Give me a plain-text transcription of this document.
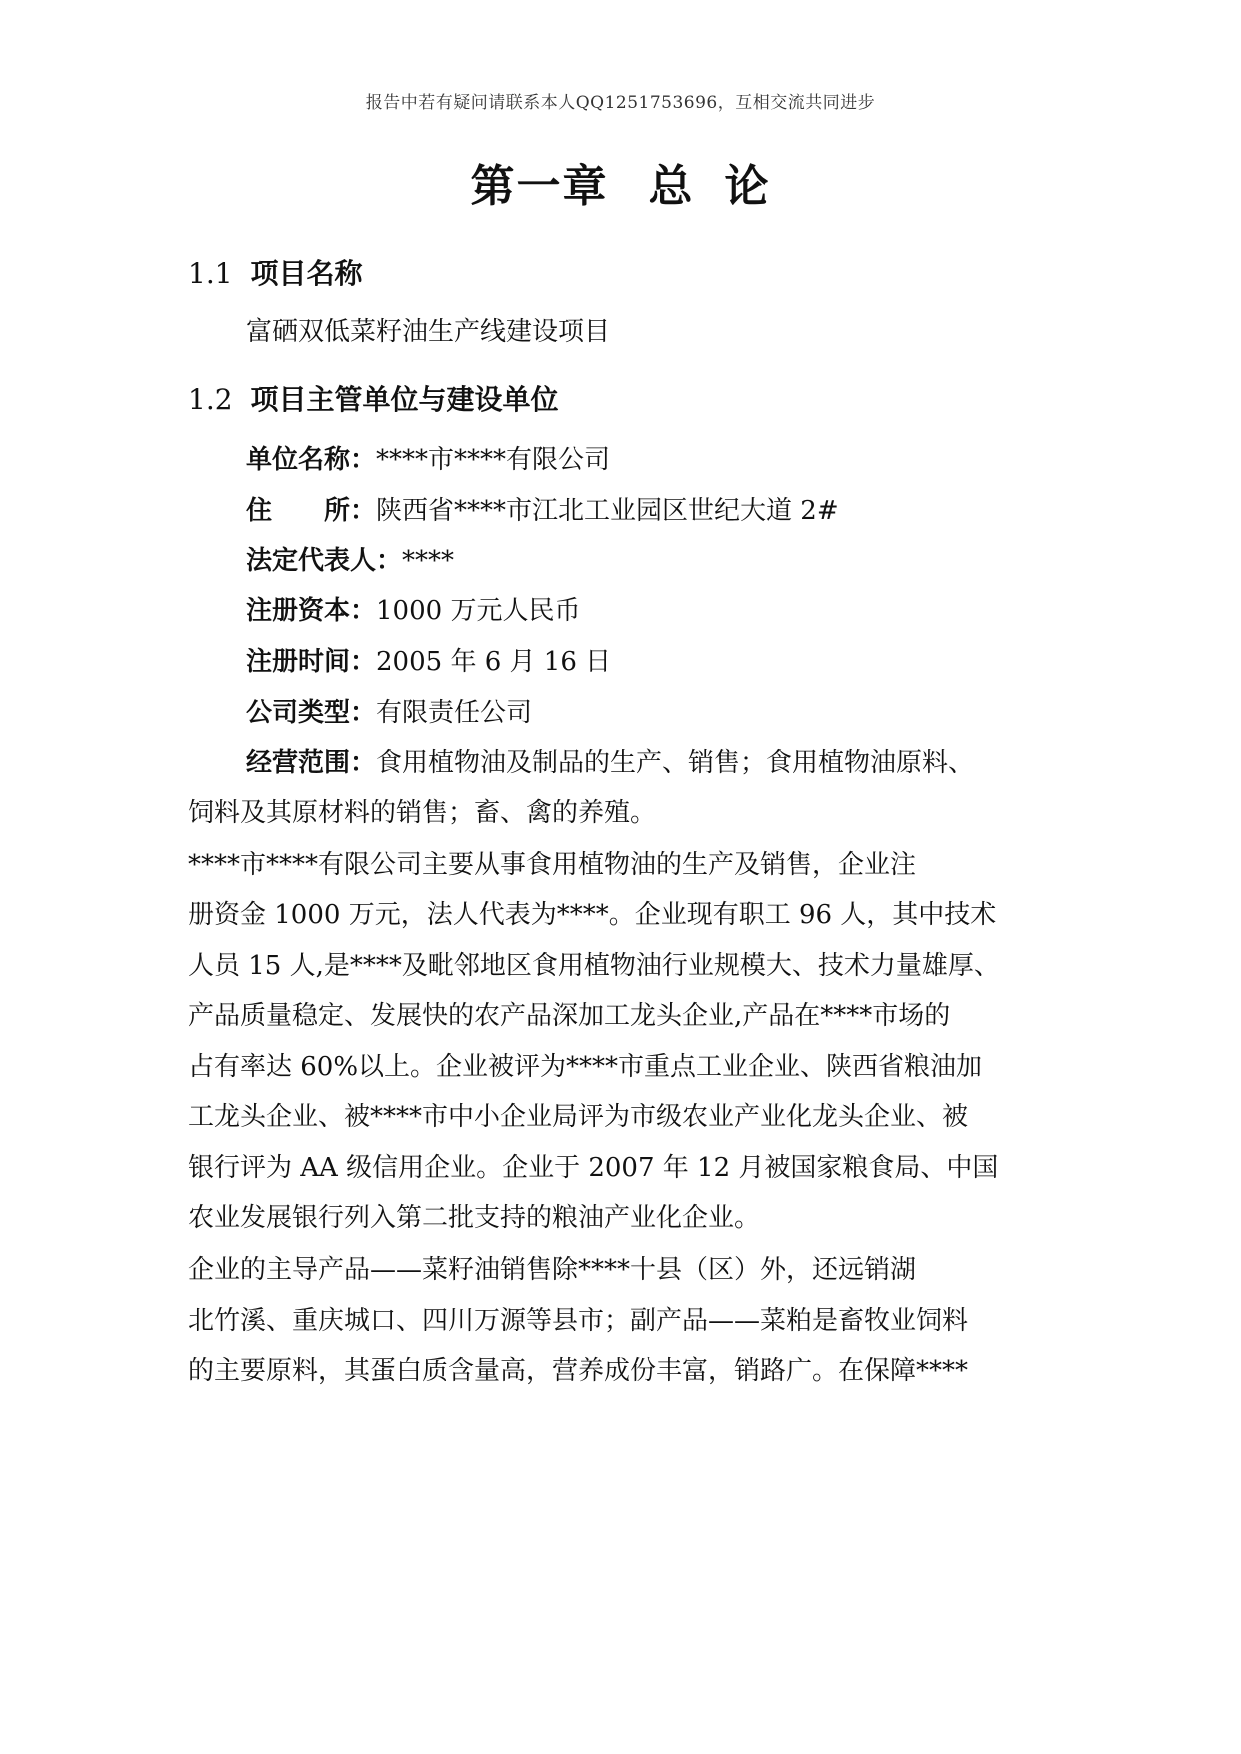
报告中若有疑问请联系本人QQ1251753696，互相交流共同进步
第一章 总 论
1.1 项目名称
富硒双低菜籽油生产线建设项目
1.2 项目主管单位与建设单位
单位名称：****市****有限公司
住 所：陕西省****市江北工业园区世纪大道 2#
法定代表人：****
注册资本：1000 万元人民币
注册时间：2005 年 6 月 16 日
公司类型：有限责任公司
经营范围：食用植物油及制品的生产、销售；食用植物油原料、
饲料及其原材料的销售；畜、禽的养殖。
****市****有限公司主要从事食用植物油的生产及销售，企业注
册资金 1000 万元，法人代表为****。企业现有职工 96 人，其中技术
人员 15 人,是****及毗邻地区食用植物油行业规模大、技术力量雄厚、
产品质量稳定、发展快的农产品深加工龙头企业,产品在****市场的
占有率达 60%以上。企业被评为****市重点工业企业、陕西省粮油加
工龙头企业、被****市中小企业局评为市级农业产业化龙头企业、被
银行评为 AA 级信用企业。企业于 2007 年 12 月被国家粮食局、中国
农业发展银行列入第二批支持的粮油产业化企业。
企业的主导产品——菜籽油销售除****十县（区）外，还远销湖
北竹溪、重庆城口、四川万源等县市；副产品——菜粕是畜牧业饲料
的主要原料，其蛋白质含量高，营养成份丰富，销路广。在保障****
